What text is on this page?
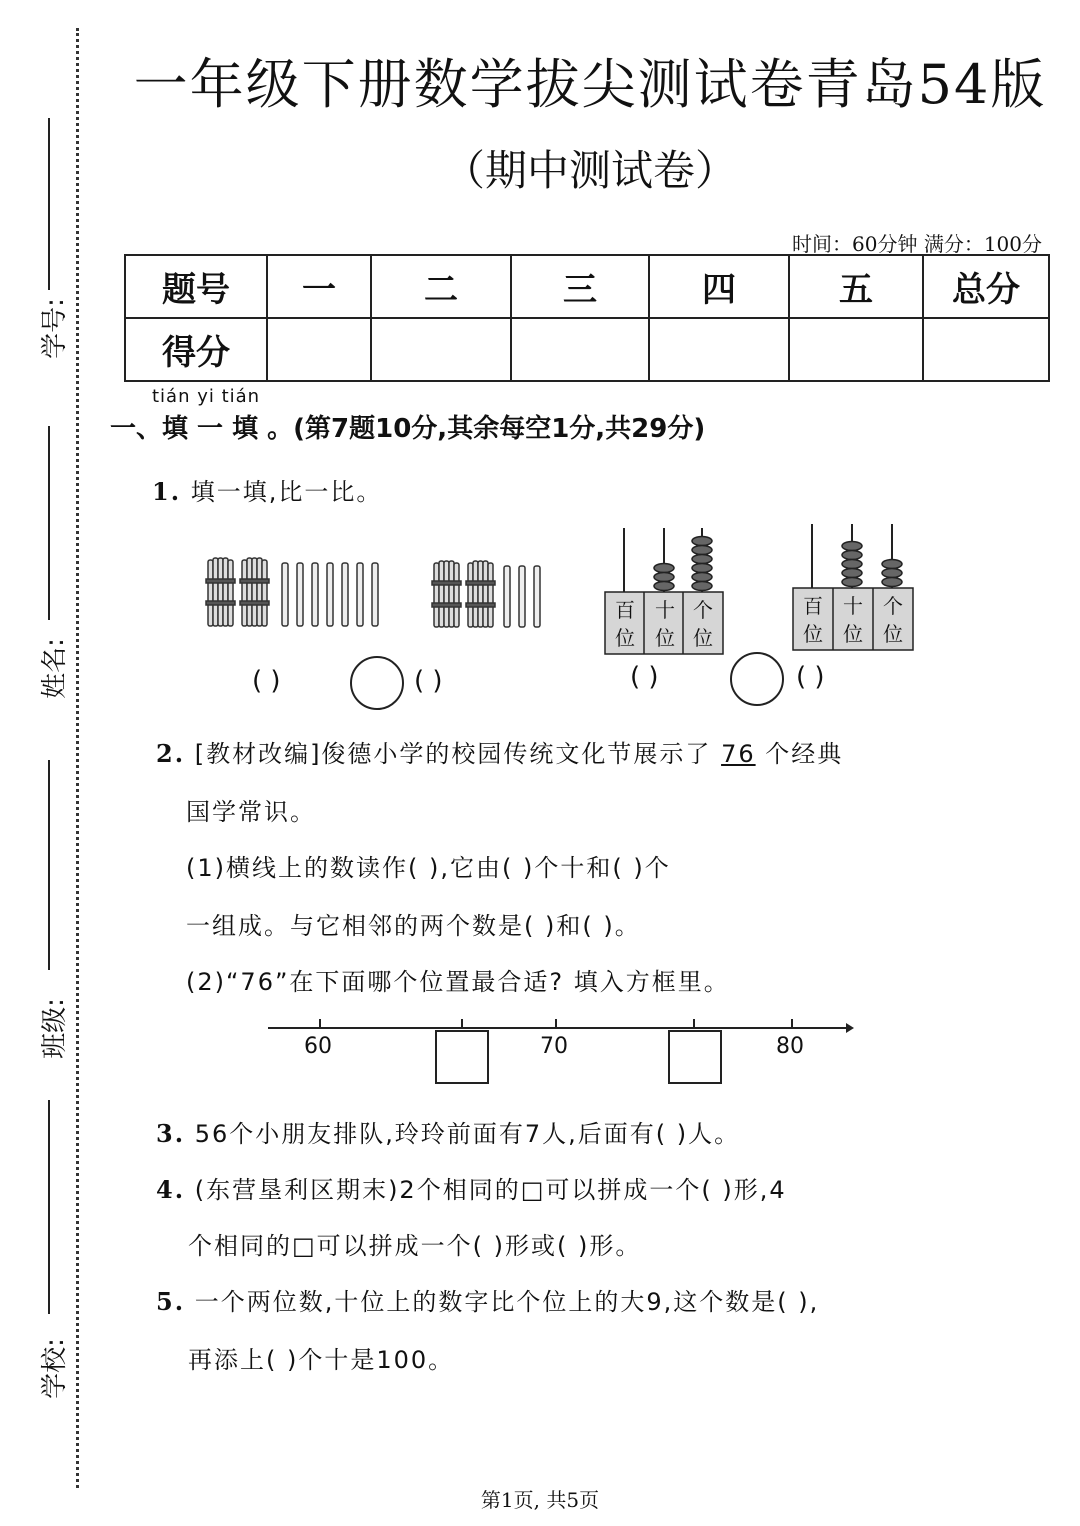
学号:
姓名:
班级:
学校:
一年级下册数学拔尖测试卷青岛54版
（期中测试卷）
时间：60分钟 满分：100分
题号	一	二	三	四	五	总分
得分						
tián yi tián
一、填 一 填 。(第7题10分,其余每空1分,共29分)
1. 填一填,比一比。
百位
十位
个位
百位
十位
个位
( )	( )	( )	( )
2. [教材改编]俊德小学的校园传统文化节展示了 76 个经典
国学常识。
(1)横线上的数读作( ),它由( )个十和( )个
一组成。与它相邻的两个数是( )和( )。
(2)“76”在下面哪个位置最合适? 填入方框里。
60	70	80
3. 56个小朋友排队,玲玲前面有7人,后面有( )人。
4. (东营垦利区期末)2个相同的□可以拼成一个( )形,4
个相同的□可以拼成一个( )形或( )形。
5. 一个两位数,十位上的数字比个位上的大9,这个数是( ),
再添上( )个十是100。
第1页, 共5页
